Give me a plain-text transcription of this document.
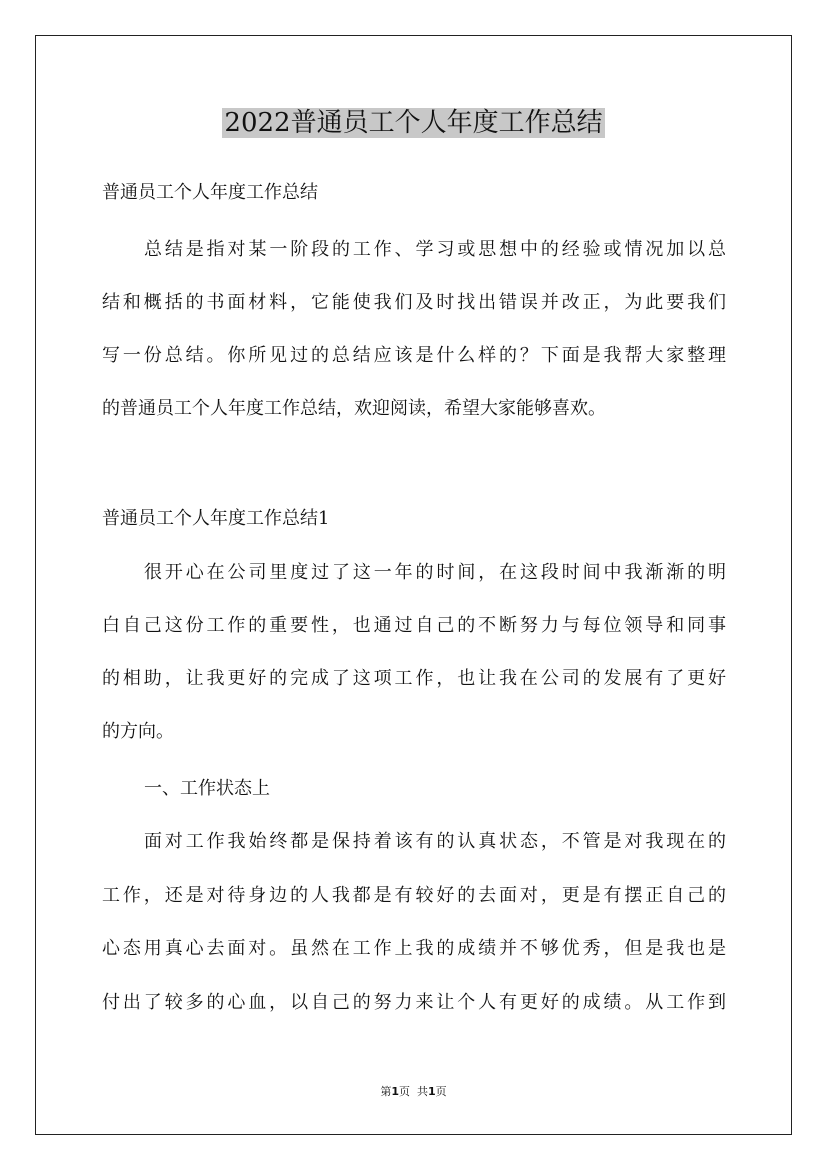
2022普通员工个人年度工作总结
普通员工个人年度工作总结
总结是指对某一阶段的工作、学习或思想中的经验或情况加以总
结和概括的书面材料，它能使我们及时找出错误并改正，为此要我们
写一份总结。你所见过的总结应该是什么样的？下面是我帮大家整理
的普通员工个人年度工作总结，欢迎阅读，希望大家能够喜欢。
普通员工个人年度工作总结1
很开心在公司里度过了这一年的时间，在这段时间中我渐渐的明
白自己这份工作的重要性，也通过自己的不断努力与每位领导和同事
的相助，让我更好的完成了这项工作，也让我在公司的发展有了更好
的方向。
一、工作状态上
面对工作我始终都是保持着该有的认真状态，不管是对我现在的
工作，还是对待身边的人我都是有较好的去面对，更是有摆正自己的
心态用真心去面对。虽然在工作上我的成绩并不够优秀，但是我也是
付出了较多的心血，以自己的努力来让个人有更好的成绩。从工作到
第1页 共1页
